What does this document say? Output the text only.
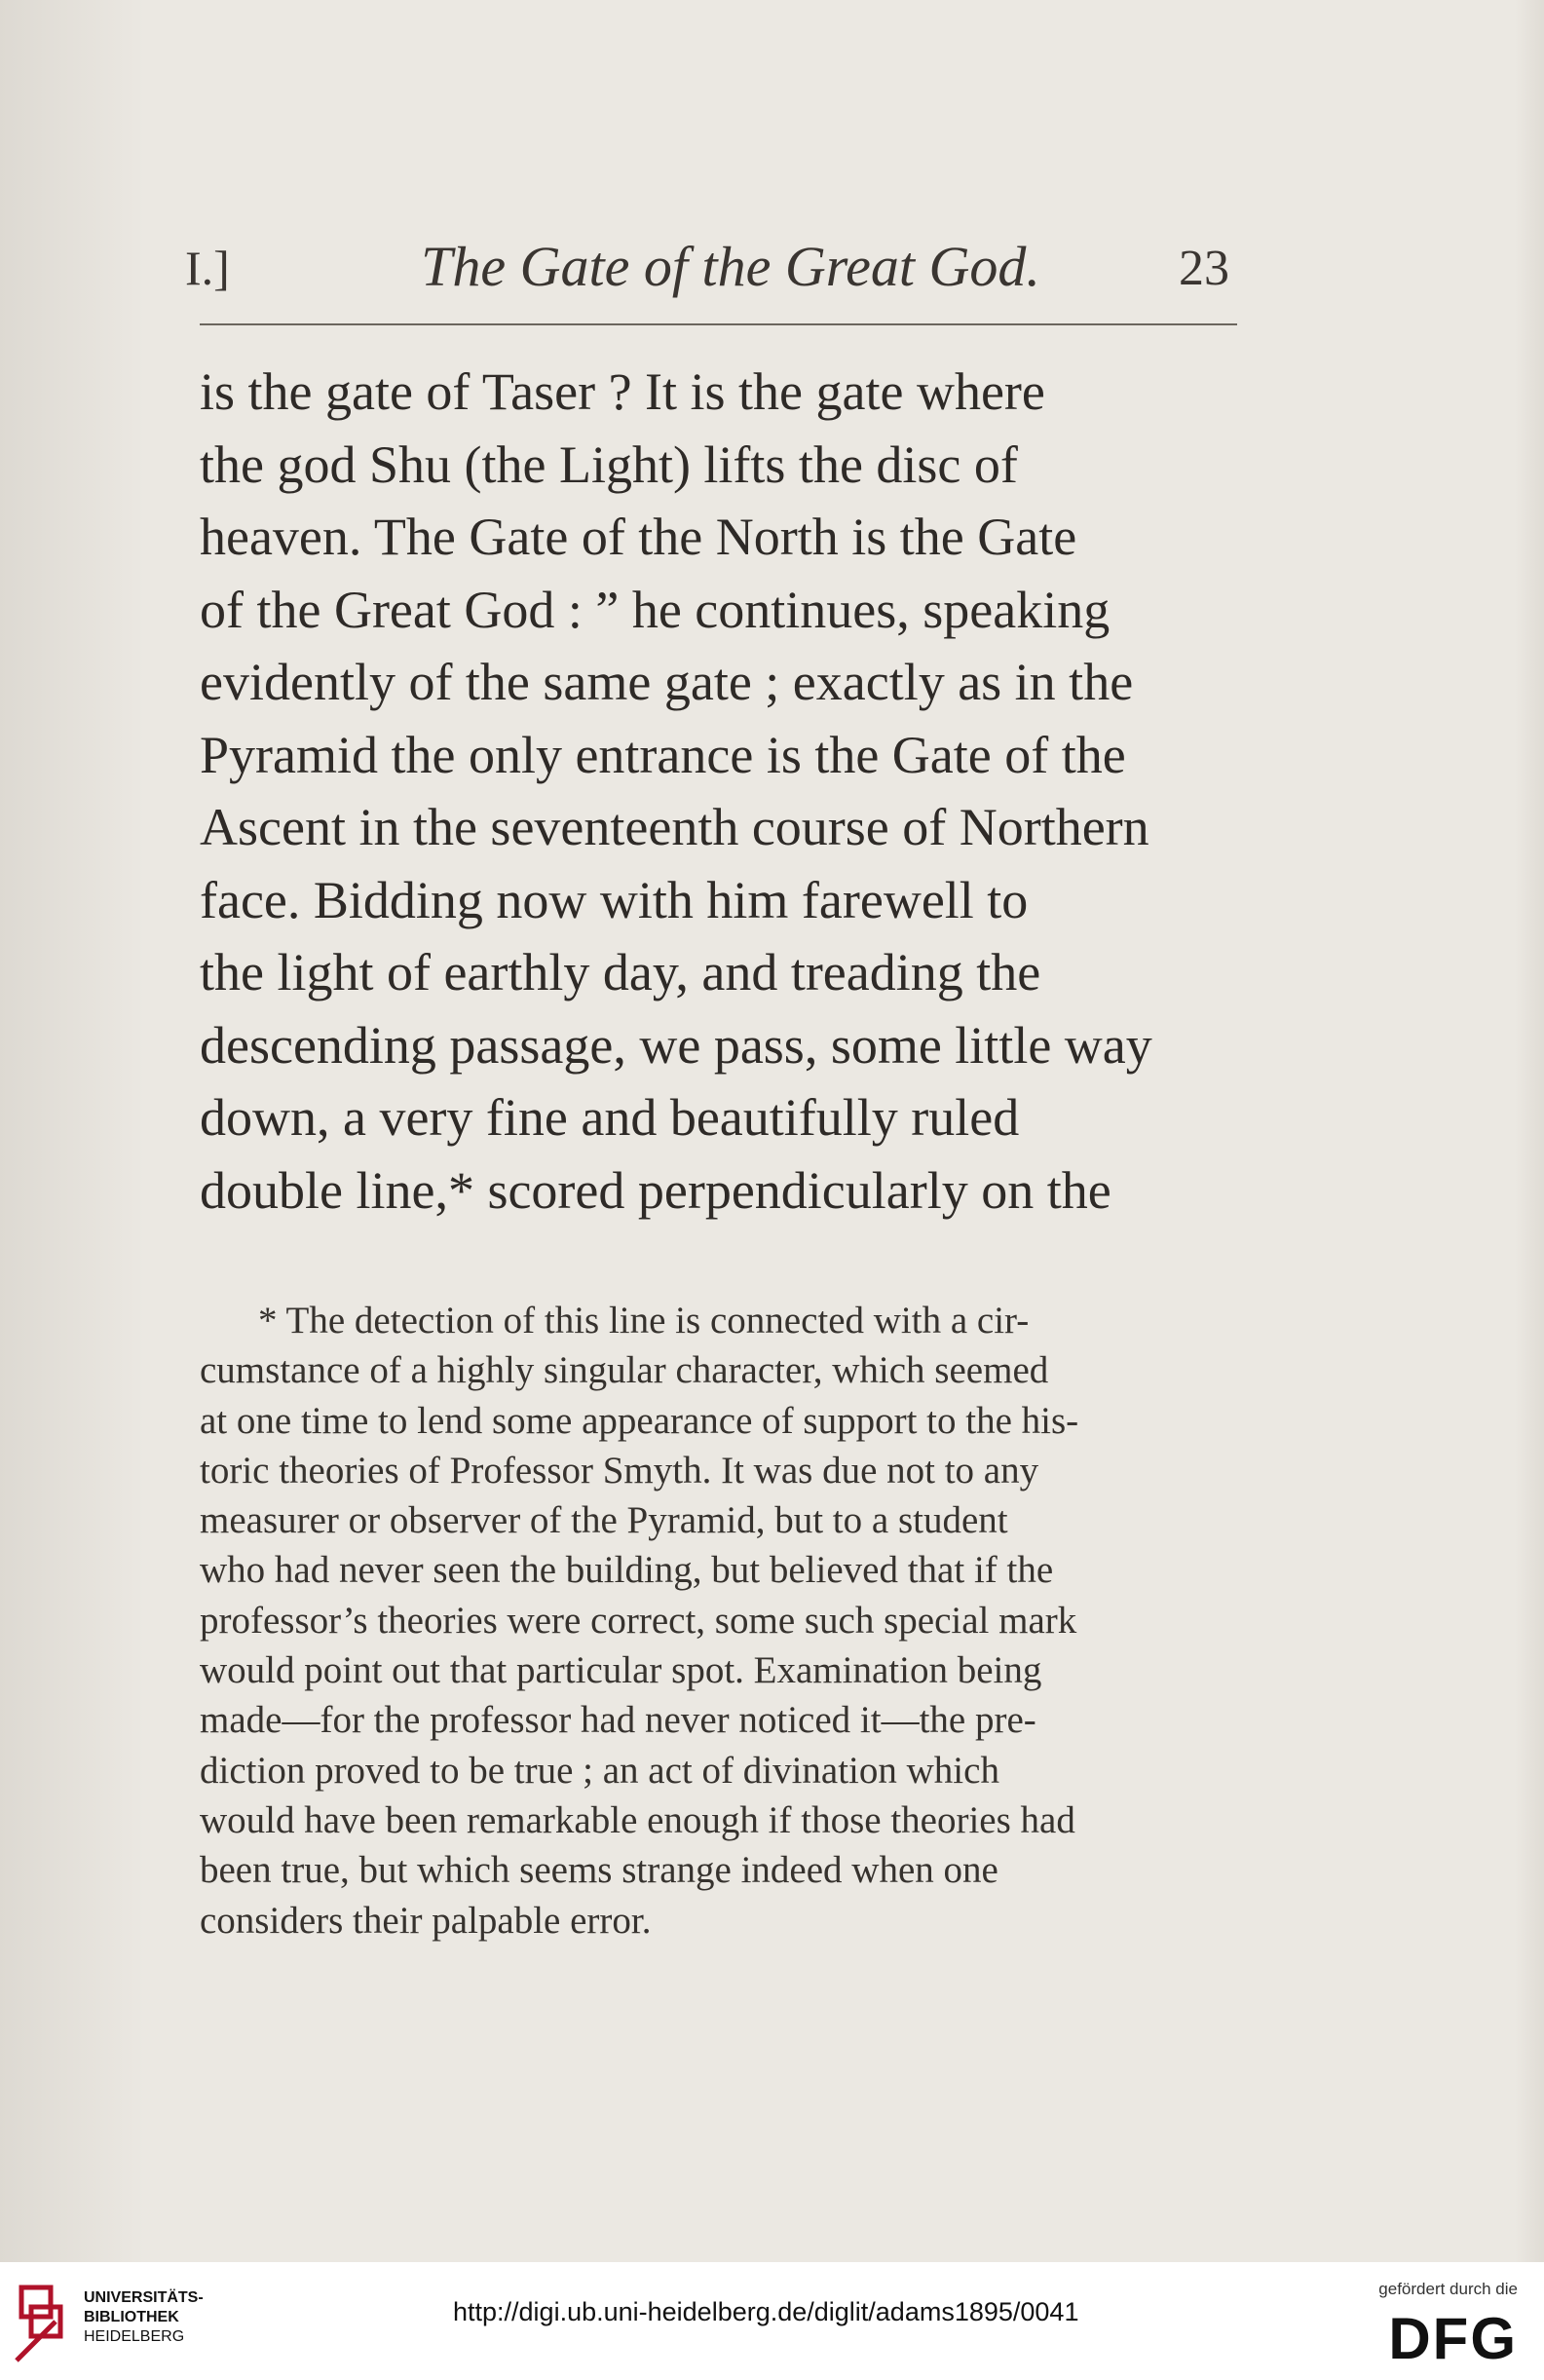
I.]	The Gate of the Great God.	23
is the gate of Taser ? It is the gate where
the god Shu (the Light) lifts the disc of
heaven. The Gate of the North is the Gate
of the Great God : ” he continues, speaking
evidently of the same gate ; exactly as in the
Pyramid the only entrance is the Gate of the
Ascent in the seventeenth course of Northern
face. Bidding now with him farewell to
the light of earthly day, and treading the
descending passage, we pass, some little way
down, a very fine and beautifully ruled
double line,* scored perpendicularly on the
* The detection of this line is connected with a cir-
cumstance of a highly singular character, which seemed
at one time to lend some appearance of support to the his-
toric theories of Professor Smyth. It was due not to any
measurer or observer of the Pyramid, but to a student
who had never seen the building, but believed that if the
professor’s theories were correct, some such special mark
would point out that particular spot. Examination being
made—for the professor had never noticed it—the pre-
diction proved to be true ; an act of divination which
would have been remarkable enough if those theories had
been true, but which seems strange indeed when one
considers their palpable error.
UNIVERSITÄTS-
BIBLIOTHEK
HEIDELBERG
http://digi.ub.uni-heidelberg.de/diglit/adams1895/0041
gefördert durch die
DFG
